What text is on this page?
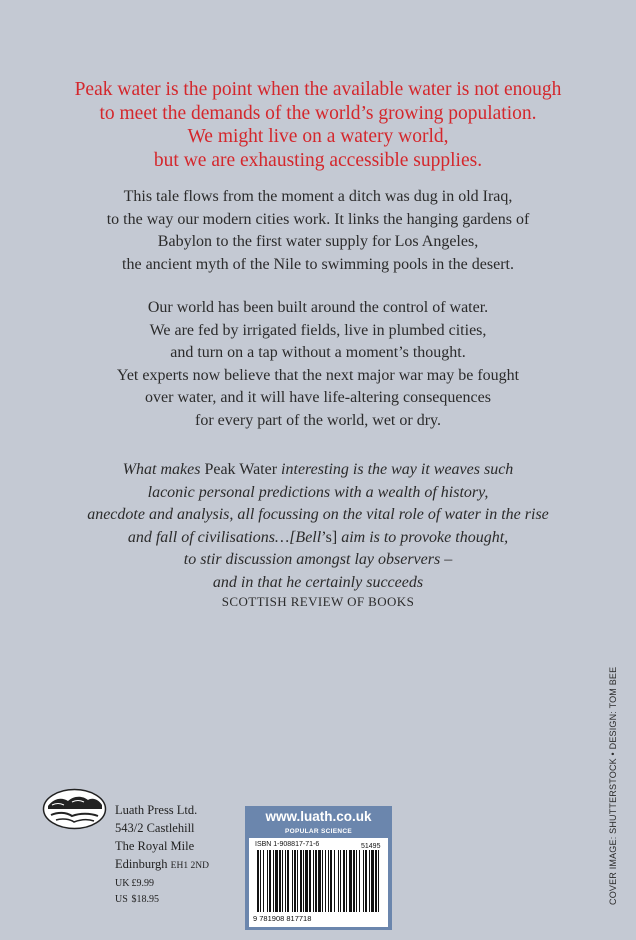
Peak water is the point when the available water is not enough
to meet the demands of the world’s growing population.
We might live on a watery world,
but we are exhausting accessible supplies.
This tale flows from the moment a ditch was dug in old Iraq,
to the way our modern cities work. It links the hanging gardens of
Babylon to the first water supply for Los Angeles,
the ancient myth of the Nile to swimming pools in the desert.
Our world has been built around the control of water.
We are fed by irrigated fields, live in plumbed cities,
and turn on a tap without a moment’s thought.
Yet experts now believe that the next major war may be fought
over water, and it will have life-altering consequences
for every part of the world, wet or dry.
What makes Peak Water interesting is the way it weaves such
laconic personal predictions with a wealth of history,
anecdote and analysis, all focussing on the vital role of water in the rise
and fall of civilisations…[Bell’s] aim is to provoke thought,
to stir discussion amongst lay observers –
and in that he certainly succeeds
SCOTTISH REVIEW OF BOOKS
Luath Press Ltd.
543/2 Castlehill
The Royal Mile
Edinburgh EH1 2ND
UK £9.99
US $18.95
www.luath.co.uk
POPULAR SCIENCE
ISBN 1-908817-71-6	51495
9 781908 817718
COVER IMAGE: SHUTTERSTOCK • DESIGN: TOM BEE
